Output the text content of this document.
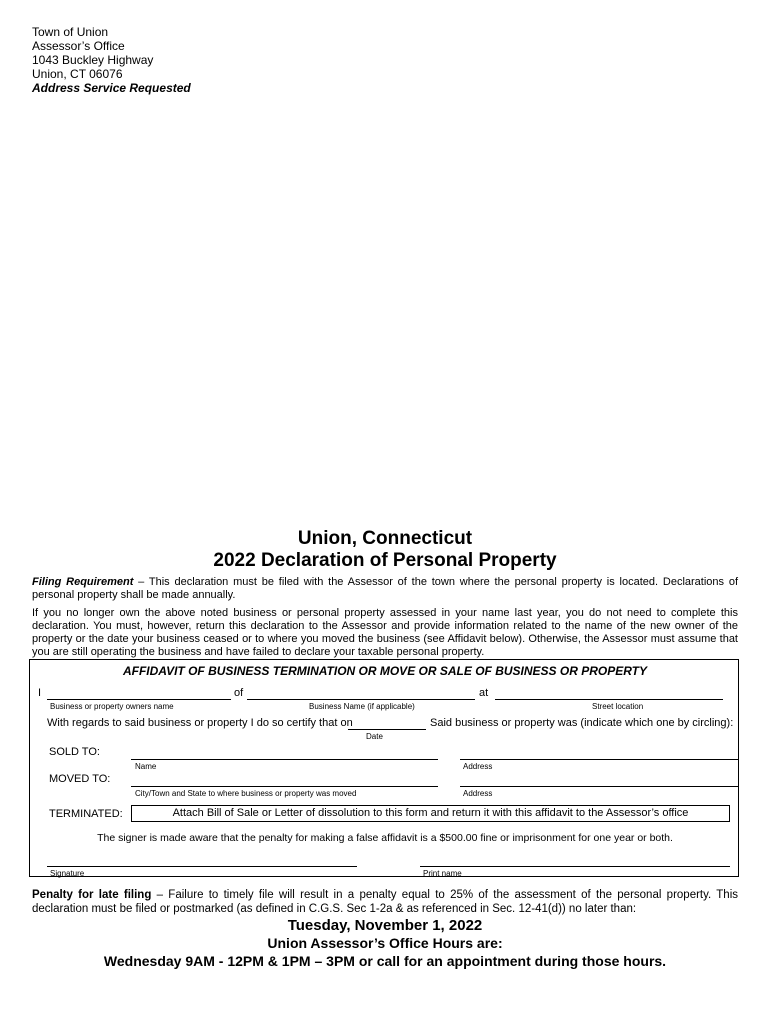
Town of Union
Assessor’s Office
1043 Buckley Highway
Union, CT 06076
Address Service Requested
Union, Connecticut
2022 Declaration of Personal Property
Filing Requirement – This declaration must be filed with the Assessor of the town where the personal property is located. Declarations of personal property shall be made annually.
If you no longer own the above noted business or personal property assessed in your name last year, you do not need to complete this declaration. You must, however, return this declaration to the Assessor and provide information related to the name of the new owner of the property or the date your business ceased or to where you moved the business (see Affidavit below). Otherwise, the Assessor must assume that you are still operating the business and have failed to declare your taxable personal property.
AFFIDAVIT OF BUSINESS TERMINATION OR MOVE OR SALE OF BUSINESS OR PROPERTY
I	of	at
Business or property owners name	Business Name (if applicable)	Street location
With regards to said business or property I do so certify that on	Said business or property was (indicate which one by circling):
Date
SOLD TO:
Name	Address
MOVED TO:
City/Town and State to where business or property was moved	Address
TERMINATED:	Attach Bill of Sale or Letter of dissolution to this form and return it with this affidavit to the Assessor’s office
The signer is made aware that the penalty for making a false affidavit is a $500.00 fine or imprisonment for one year or both.
Signature	Print name
Penalty for late filing – Failure to timely file will result in a penalty equal to 25% of the assessment of the personal property. This declaration must be filed or postmarked (as defined in C.G.S. Sec 1-2a & as referenced in Sec. 12-41(d)) no later than:
Tuesday, November 1, 2022
Union Assessor’s Office Hours are:
Wednesday 9AM - 12PM & 1PM – 3PM or call for an appointment during those hours.
